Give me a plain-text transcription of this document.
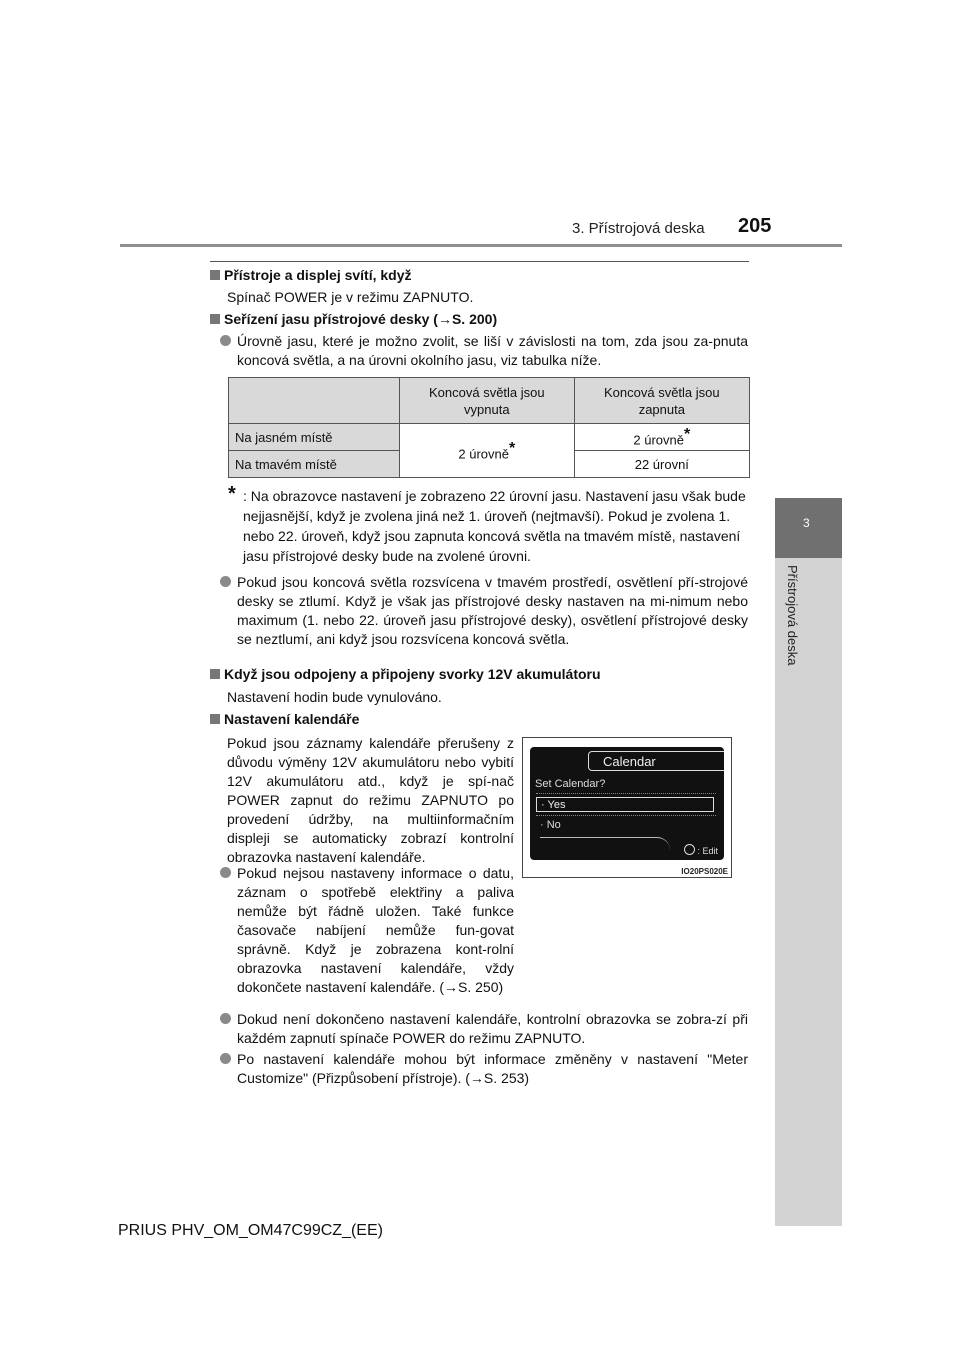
3. Přístrojová deska 205
3
Přístrojová deska
Přístroje a displej svítí, když
Spínač POWER je v režimu ZAPNUTO.
Seřízení jasu přístrojové desky (→S. 200)
Úrovně jasu, které je možno zvolit, se liší v závislosti na tom, zda jsou za-pnuta koncová světla, a na úrovni okolního jasu, viz tabulka níže.
	Koncová světla jsou vypnuta	Koncová světla jsou zapnuta
Na jasném místě	2 úrovně*	2 úrovně*
Na tmavém místě		22 úrovní
* : Na obrazovce nastavení je zobrazeno 22 úrovní jasu. Nastavení jasu však bude nejjasnější, když je zvolena jiná než 1. úroveň (nejtmavší). Pokud je zvolena 1. nebo 22. úroveň, když jsou zapnuta koncová světla na tmavém místě, nastavení jasu přístrojové desky bude na zvolené úrovni.
Pokud jsou koncová světla rozsvícena v tmavém prostředí, osvětlení pří-strojové desky se ztlumí. Když je však jas přístrojové desky nastaven na mi-nimum nebo maximum (1. nebo 22. úroveň jasu přístrojové desky), osvětlení přístrojové desky se neztlumí, ani když jsou rozsvícena koncová světla.
Když jsou odpojeny a připojeny svorky 12V akumulátoru
Nastavení hodin bude vynulováno.
Nastavení kalendáře
Pokud jsou záznamy kalendáře přerušeny z důvodu výměny 12V akumulátoru nebo vybití 12V akumulátoru atd., když je spí-nač POWER zapnut do režimu ZAPNUTO po provedení údržby, na multiinformačním displeji se automaticky zobrazí kontrolní obrazovka nastavení kalendáře.
Pokud nejsou nastaveny informace o datu, záznam o spotřebě elektřiny a paliva nemůže být řádně uložen. Také funkce časovače nabíjení nemůže fun-govat správně. Když je zobrazena kont-rolní obrazovka nastavení kalendáře, vždy dokončete nastavení kalendáře. (→S. 250)
Calendar
Set Calendar?
· Yes
· No
: Edit
IO20PS020E
Dokud není dokončeno nastavení kalendáře, kontrolní obrazovka se zobra-zí při každém zapnutí spínače POWER do režimu ZAPNUTO.
Po nastavení kalendáře mohou být informace změněny v nastavení "Meter Customize" (Přizpůsobení přístroje). (→S. 253)
PRIUS PHV_OM_OM47C99CZ_(EE)
